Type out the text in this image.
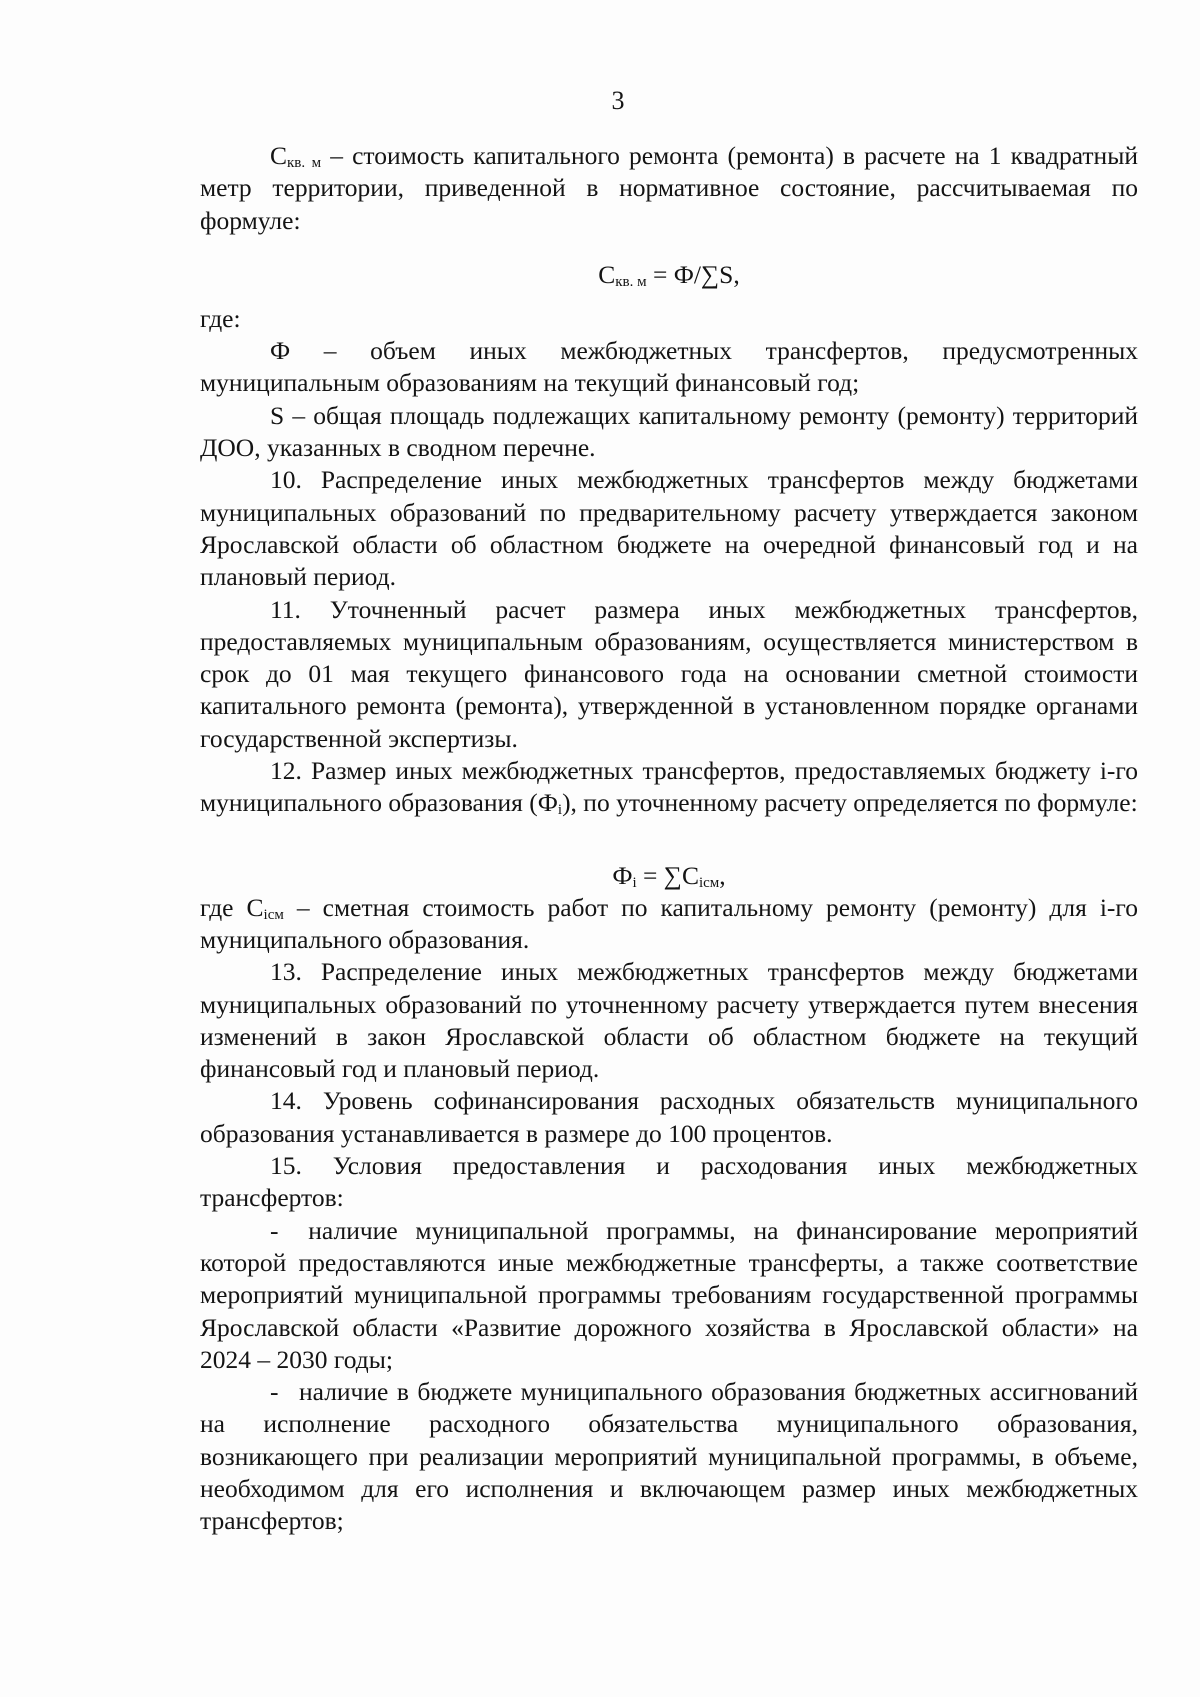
3

$С_{кв. м}$ – стоимость капитального ремонта (ремонта) в расчете на 1 квадратный метр территории, приведенной в нормативное состояние, рассчитываемая по формуле:

$С_{кв. м} = Ф/\sum S$,

где:

Ф – объем иных межбюджетных трансфертов, предусмотренных муниципальным образованиям на текущий финансовый год;

S – общая площадь подлежащих капитальному ремонту (ремонту) территорий ДОО, указанных в сводном перечне.

10. Распределение иных межбюджетных трансфертов между бюджетами муниципальных образований по предварительному расчету утверждается законом Ярославской области об областном бюджете на очередной финансовый год и на плановый период.

11. Уточненный расчет размера иных межбюджетных трансфертов, предоставляемых муниципальным образованиям, осуществляется министерством в срок до 01 мая текущего финансового года на основании сметной стоимости капитального ремонта (ремонта), утвержденной в установленном порядке органами государственной экспертизы.

12. Размер иных межбюджетных трансфертов, предоставляемых бюджету i-го муниципального образования $(Ф_i)$, по уточненному расчету определяется по формуле:

$Ф_i = \sum С_{iсм}$,

где $С_{iсм}$ – сметная стоимость работ по капитальному ремонту (ремонту) для i-го муниципального образования.

13. Распределение иных межбюджетных трансфертов между бюджетами муниципальных образований по уточненному расчету утверждается путем внесения изменений в закон Ярославской области об областном бюджете на текущий финансовый год и плановый период.

14. Уровень софинансирования расходных обязательств муниципального образования устанавливается в размере до 100 процентов.

15. Условия предоставления и расходования иных межбюджетных трансфертов:

- наличие муниципальной программы, на финансирование мероприятий которой предоставляются иные межбюджетные трансферты, а также соответствие мероприятий муниципальной программы требованиям государственной программы Ярославской области «Развитие дорожного хозяйства в Ярославской области» на 2024 – 2030 годы;

- наличие в бюджете муниципального образования бюджетных ассигнований на исполнение расходного обязательства муниципального образования, возникающего при реализации мероприятий муниципальной программы, в объеме, необходимом для его исполнения и включающем размер иных межбюджетных трансфертов;
